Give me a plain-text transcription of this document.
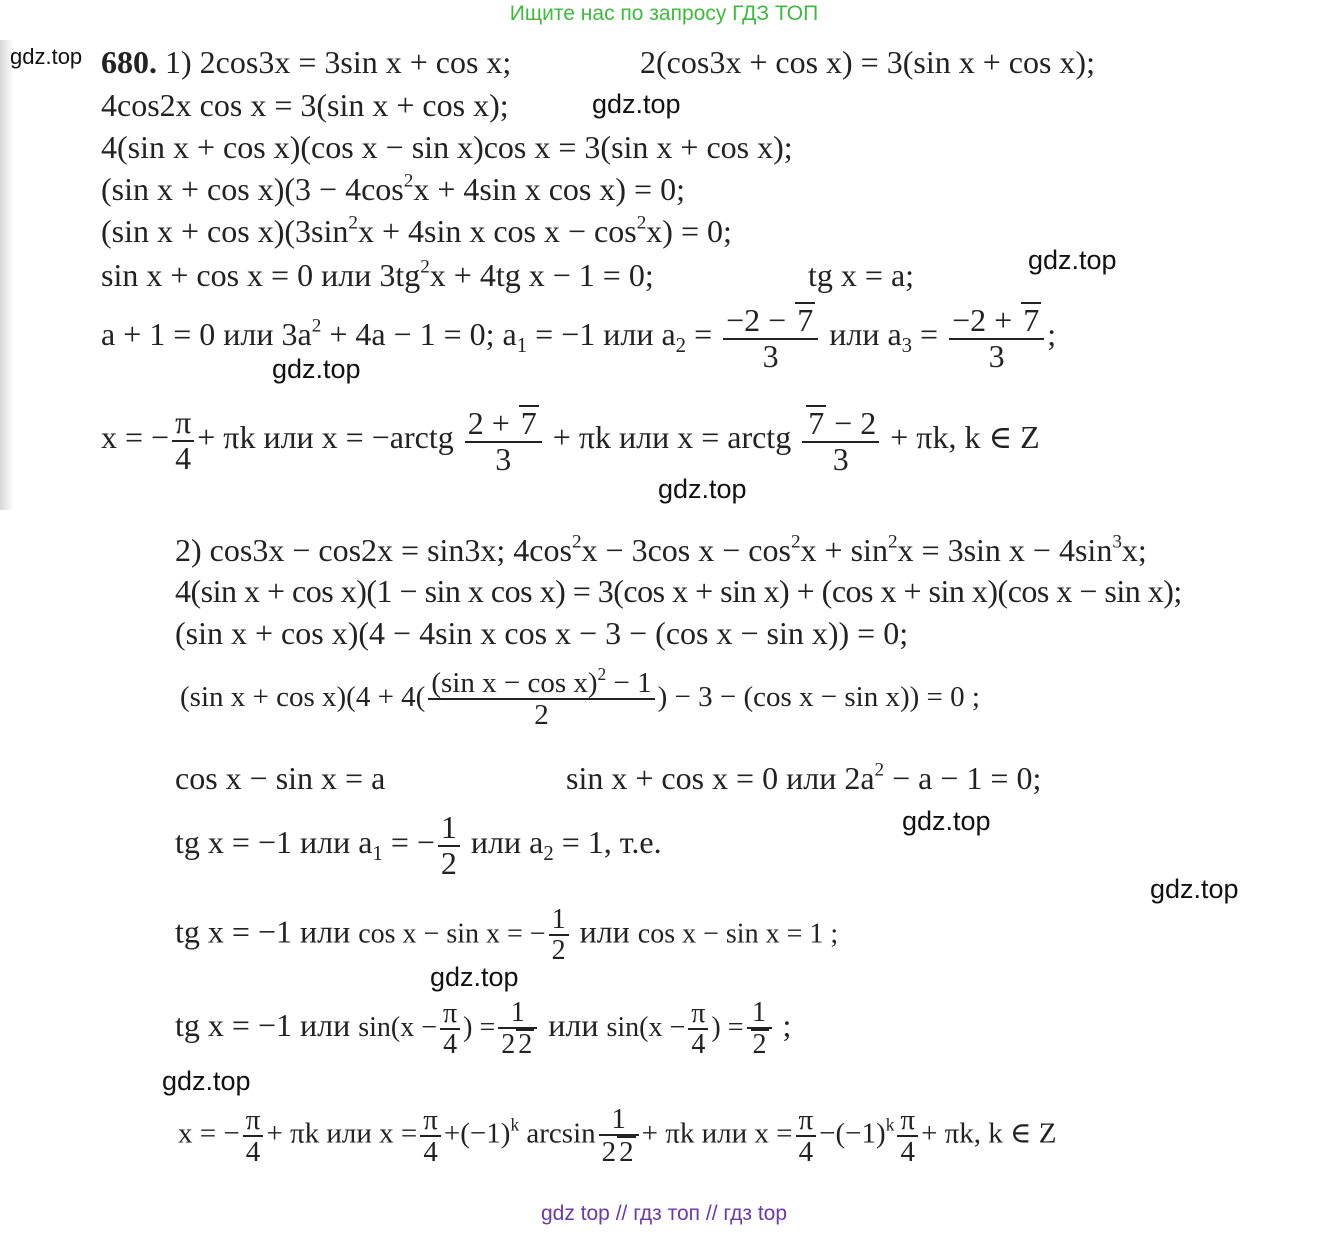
Ищите нас по запросу ГДЗ ТОП
gdz.top
gdz.top
gdz.top
gdz.top
gdz.top
gdz.top
gdz.top
gdz.top
gdz.top
680. 1) 2cos3x = 3sin x + cos x;	2(cos3x + cos x) = 3(sin x + cos x);
4cos2x cos x = 3(sin x + cos x);
4(sin x + cos x)(cos x − sin x)cos x = 3(sin x + cos x);
(sin $x + \cos x)(3 - 4\cos^2x + 4\sin$ x cos x) = 0;
(sin $x + \cos x)(3\sin^2x + 4\sin$ x $\cos x - \cos^2x) = 0$;
sin x + cos x = 0 или $3tg^2x + 4tg$ x − 1 = 0;	tg x = a;
a + 1 = 0 или $3a^2 + 4a - 1 = 0$; $a_1 = -1$ или $a_2 = \frac{-2 - 7}{3}$ или $a_3 = \frac{-2 + 7}{3}$ ;
x = − $\frac{\pi}{4} + \pi k$ или x = −arctg $\frac{2 + 7}{3} + \pi k$ или x = arctg $\frac{7 - 2}{3} + \pi k$, k ∈ Z
2) cos3x − cos2x = sin3x; $4\cos^2x - 3\cos$ $x - \cos^2x + \sin^2x = 3\sin$ $x - 4\sin^3x$;
4(sin x + cos x)(1 − sin x cos x) = 3(cos x + sin x) + (cos x + sin x)(cos x − sin x);
(sin x + cos x)(4 − 4sin x cos x − 3 − (cos x − sin x)) = 0;
(sin $x + \cos x)(4 + 4( \frac{(\sin x - \cos x)^2 - 1}{2}$ ) − 3 − (cos x − sin x)) = 0 ;
cos x − sin x = a	sin x + cos x = 0 или $2a^2 - a - 1 = 0$;
tg x = −1 или $a_1$ = − $\frac{1}{2}$ или $a_2 = 1$, т.е.
tg x = −1 или cos x − sin x = − $\frac{1}{2}$ или cos x − sin x = 1 ;
tg x = −1 или $\sin(x - \frac{\pi}{4}$ ) = $\frac{1}{2 2}$ или $\sin(x - \frac{\pi}{4}$ ) = $\frac{1}{2}$ ;
x = − $\frac{\pi}{4} + \pi k$ или $x = \frac{\pi}{4} +(-1)^k$ $\arcsin \frac{1}{2 2} + \pi k$ или $x = \frac{\pi}{4} -(-1)^k \frac{\pi}{4} + \pi k$, k ∈ Z
gdz top // гдз топ // гдз top
